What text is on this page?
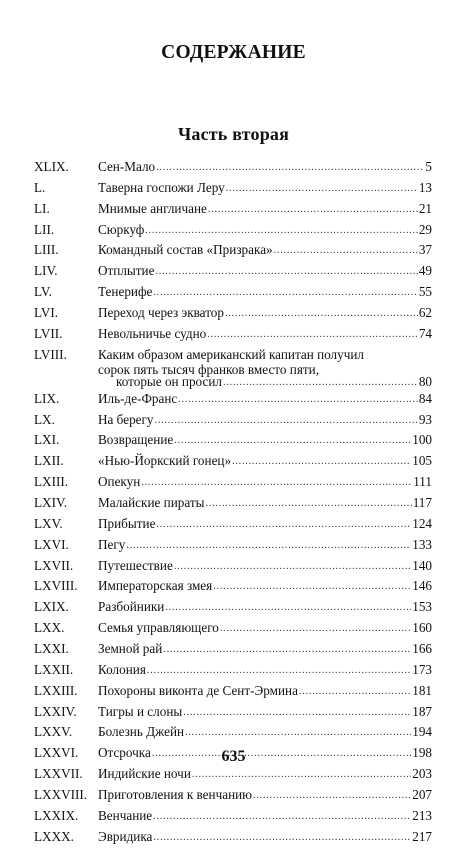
СОДЕРЖАНИЕ
Часть вторая
XLIX. Сен-Мало .....	5
L.	Таверна госпожи Леру .....	13
LI.	Мнимые англичане .....	21
LII.	Сюркуф .....	29
LIII.	Командный состав «Призрака» .....	37
LIV.	Отплытие .....	49
LV.	Тенерифе .....	55
LVI.	Переход через экватор .....	62
LVII.	Невольничье судно .....	74
LVIII. Каким образом американский капитан получил
сорок пять тысяч франков вместо пяти,
которые он просил .....	80
LIX.	Иль-де-Франс .....	84
LX.	На берегу .....	93
LXI.	Возвращение .....	100
LXII.	«Нью-Йоркский гонец» .....	105
LXIII. Опекун .....	111
LXIV. Малайские пираты .....	117
LXV.	Прибытие .....	124
LXVI. Пегу .....	133
LXVII. Путешествие .....	140
LXVIII. Императорская змея .....	146
LXIX. Разбойники .....	153
LXX.	Семья управляющего .....	160
LXXI. Земной рай .....	166
LXXII. Колония .....	173
LXXIII. Похороны виконта де Сент-Эрмина .....	181
LXXIV. Тигры и слоны .....	187
LXXV. Болезнь Джейн .....	194
LXXVI. Отсрочка .....	198
LXXVII. Индийские ночи .....	203
LXXVIII. Приготовления к венчанию .....	207
LXXIX. Венчание .....	213
LXXX. Эвридика .....	217
635
